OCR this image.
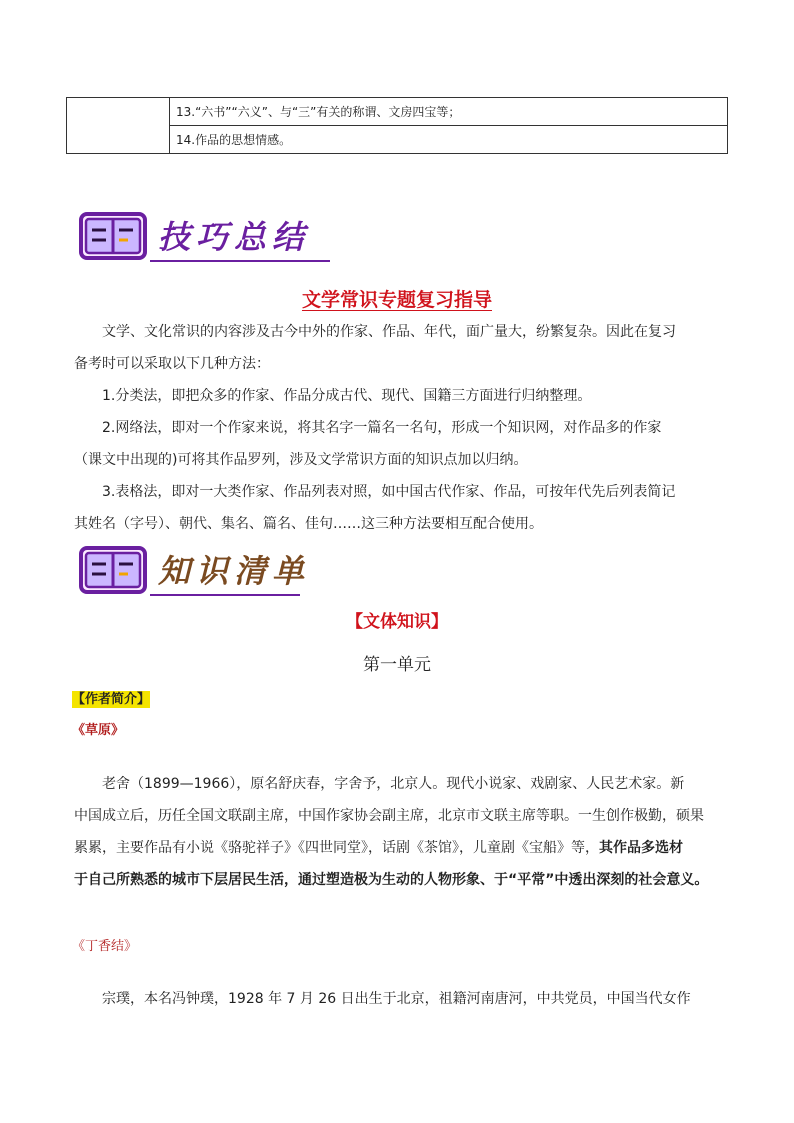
	13.“六书”“六义”、与“三”有关的称谓、文房四宝等；
14.作品的思想情感。
技巧总结
文学常识专题复习指导

文学、文化常识的内容涉及古今中外的作家、作品、年代，面广量大，纷繁复杂。因此在复习

备考时可以采取以下几种方法：

1.分类法，即把众多的作家、作品分成古代、现代、国籍三方面进行归纳整理。

2.网络法，即对一个作家来说，将其名字一篇名一名句，形成一个知识网，对作品多的作家

（课文中出现的)可将其作品罗列，涉及文学常识方面的知识点加以归纳。

3.表格法，即对一大类作家、作品列表对照，如中国古代作家、作品，可按年代先后列表简记

其姓名（字号）、朝代、集名、篇名、佳句……这三种方法要相互配合使用。

知识清单
【文体知识】
第一单元
【作者简介】
《草原》

老舍（1899—1966），原名舒庆春，字舍予，北京人。现代小说家、戏剧家、人民艺术家。新

中国成立后，历任全国文联副主席，中国作家协会副主席，北京市文联主席等职。一生创作极勤，硕果

累累，主要作品有小说《骆驼祥子》《四世同堂》，话剧《茶馆》，儿童剧《宝船》等，其作品多选材

于自己所熟悉的城市下层居民生活，通过塑造极为生动的人物形象、于“平常”中透出深刻的社会意义。

《丁香结》

宗璞，本名冯钟璞，1928 年 7 月 26 日出生于北京，祖籍河南唐河，中共党员，中国当代女作
